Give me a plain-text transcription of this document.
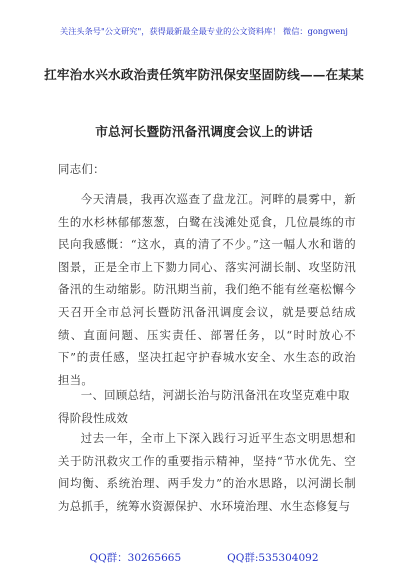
关注头条号"公文研究"，获得最新最全最专业的公文资料库！ 微信：gongwenj
扛牢治水兴水政治责任筑牢防汛保安坚固防线——在某某
市总河长暨防汛备汛调度会议上的讲话
同志们：
今天清晨，我再次巡查了盘龙江。河畔的晨雾中，新生的水杉林郁郁葱葱，白鹭在浅滩处觅食，几位晨练的市民向我感慨：“这水，真的清了不少。”这一幅人水和谐的图景，正是全市上下勠力同心、落实河湖长制、攻坚防汛备汛的生动缩影。防汛期当前，我们绝不能有丝毫松懈今天召开全市总河长暨防汛备汛调度会议，就是要总结成绩、直面问题、压实责任、部署任务，以“时时放心不下”的责任感，坚决扛起守护春城水安全、水生态的政治担当。
一、回顾总结，河湖长治与防汛备汛在攻坚克难中取得阶段性成效
过去一年，全市上下深入践行习近平生态文明思想和关于防汛救灾工作的重要指示精神，坚持“节水优先、空间均衡、系统治理、两手发力”的治水思路，以河湖长制为总抓手，统筹水资源保护、水环境治理、水生态修复与
QQ群：30265665	QQ群:535304092
